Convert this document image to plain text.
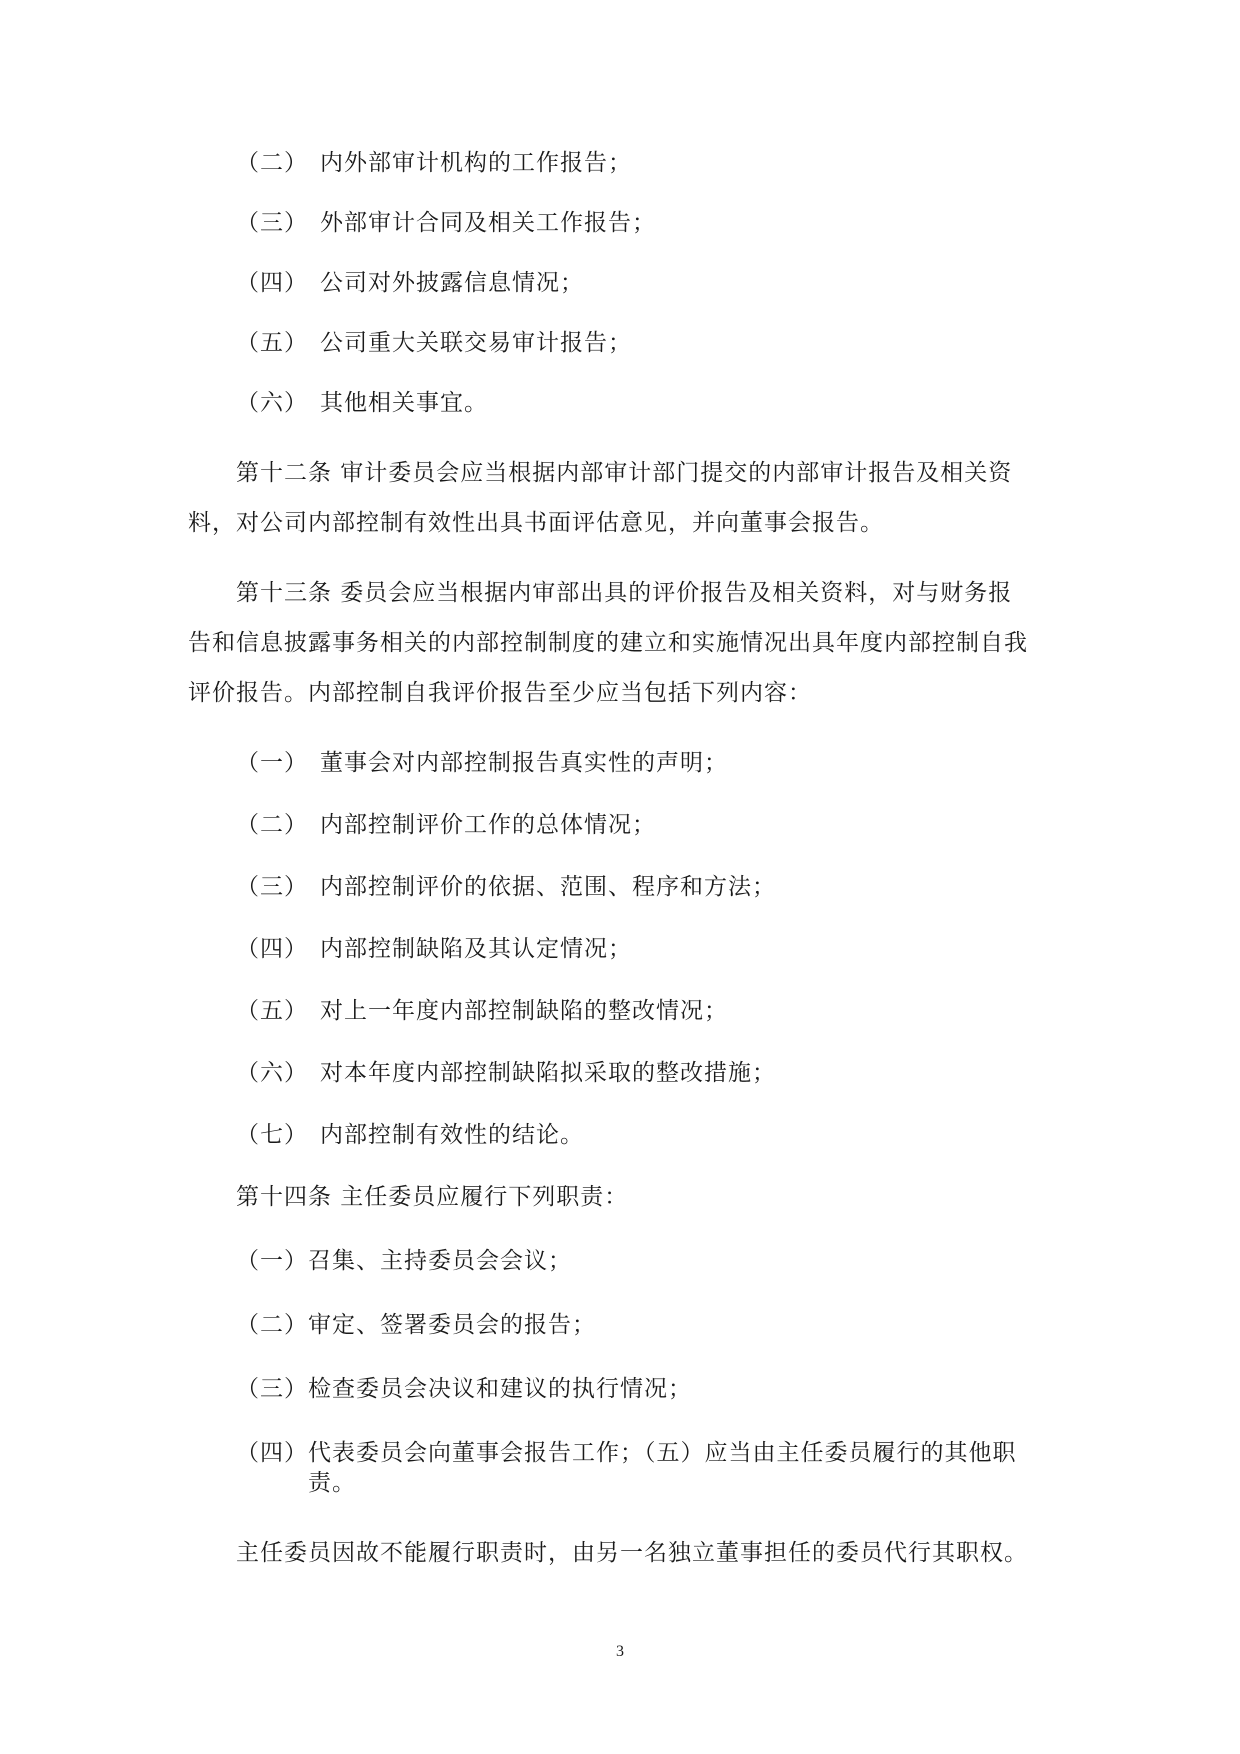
（二） 内外部审计机构的工作报告；
（三） 外部审计合同及相关工作报告；
（四） 公司对外披露信息情况；
（五） 公司重大关联交易审计报告；
（六） 其他相关事宜。
第十二条 审计委员会应当根据内部审计部门提交的内部审计报告及相关资
料，对公司内部控制有效性出具书面评估意见，并向董事会报告。
第十三条 委员会应当根据内审部出具的评价报告及相关资料，对与财务报
告和信息披露事务相关的内部控制制度的建立和实施情况出具年度内部控制自我
评价报告。内部控制自我评价报告至少应当包括下列内容：
（一） 董事会对内部控制报告真实性的声明；
（二） 内部控制评价工作的总体情况；
（三） 内部控制评价的依据、范围、程序和方法；
（四） 内部控制缺陷及其认定情况；
（五） 对上一年度内部控制缺陷的整改情况；
（六） 对本年度内部控制缺陷拟采取的整改措施；
（七） 内部控制有效性的结论。
第十四条 主任委员应履行下列职责：
（一）召集、主持委员会会议；
（二）审定、签署委员会的报告；
（三）检查委员会决议和建议的执行情况；
（四）代表委员会向董事会报告工作；（五）应当由主任委员履行的其他职
责。
主任委员因故不能履行职责时，由另一名独立董事担任的委员代行其职权。
3
